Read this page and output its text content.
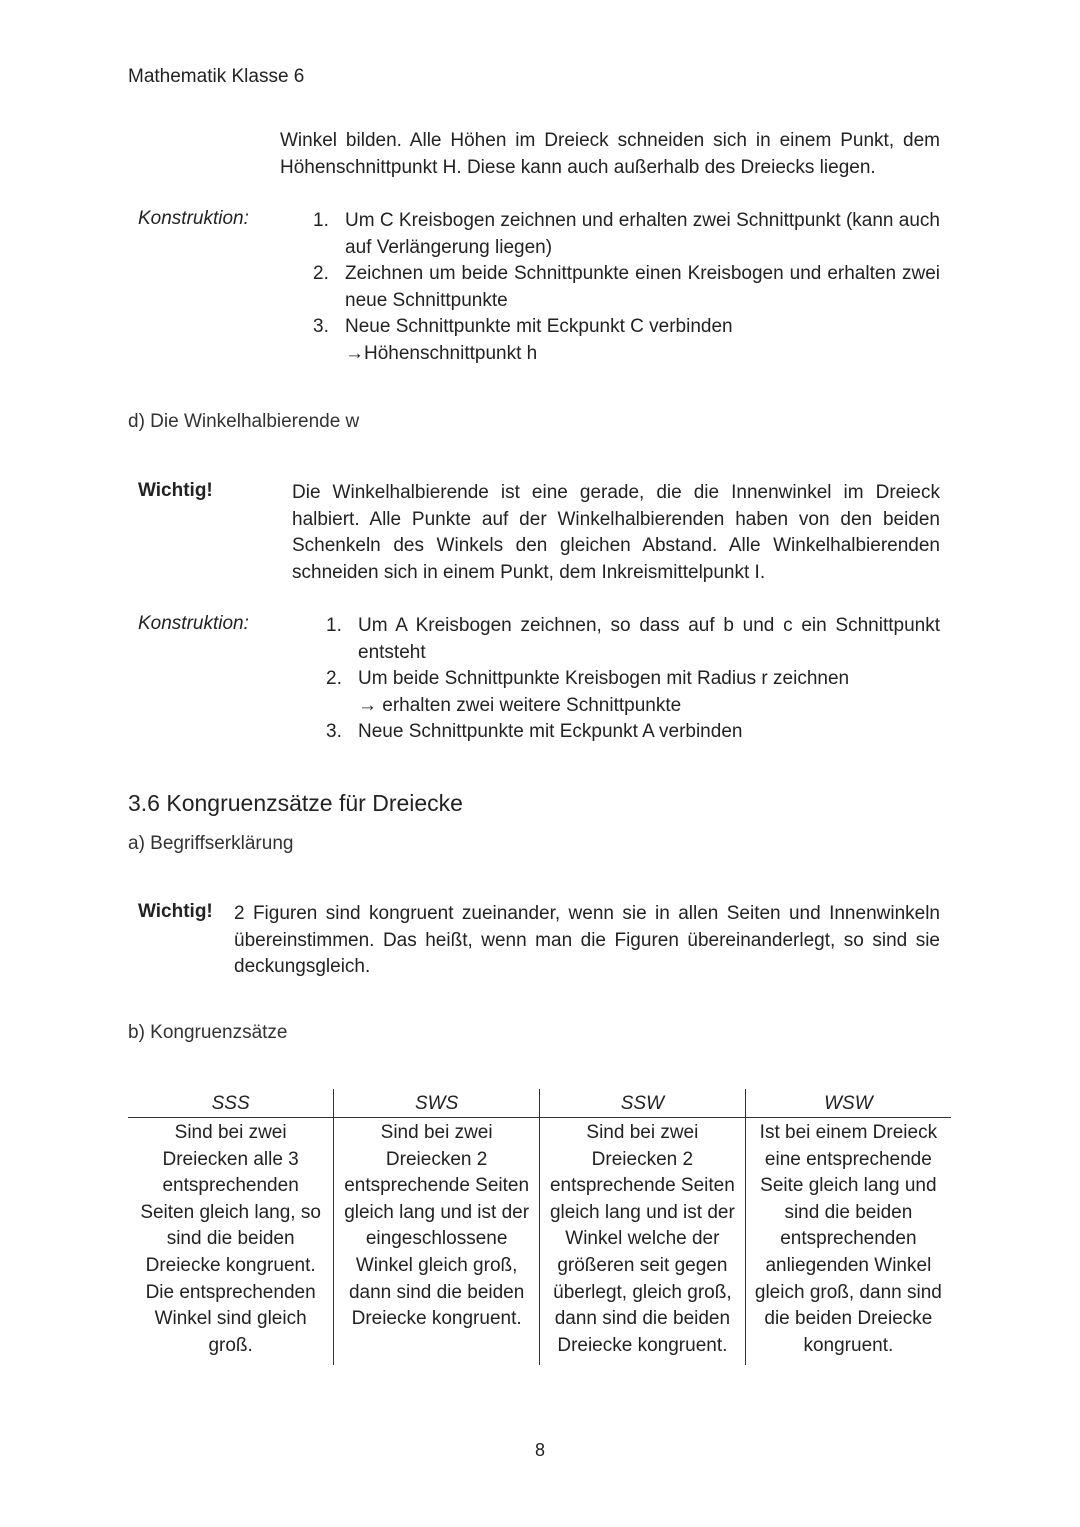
Mathematik Klasse 6
Winkel bilden. Alle Höhen im Dreieck schneiden sich in einem Punkt, dem Höhenschnittpunkt H. Diese kann auch außerhalb des Dreiecks liegen.
Konstruktion:	1. Um C Kreisbogen zeichnen und erhalten zwei Schnittpunkt (kann auch auf Verlängerung liegen)
2. Zeichnen um beide Schnittpunkte einen Kreisbogen und erhalten zwei neue Schnittpunkte
3. Neue Schnittpunkte mit Eckpunkt C verbinden
→Höhenschnittpunkt h
d) Die Winkelhalbierende w
Wichtig!	Die Winkelhalbierende ist eine gerade, die die Innenwinkel im Dreieck halbiert. Alle Punkte auf der Winkelhalbierenden haben von den beiden Schenkeln des Winkels den gleichen Abstand. Alle Winkelhalbierenden schneiden sich in einem Punkt, dem Inkreismittelpunkt I.
Konstruktion:	1. Um A Kreisbogen zeichnen, so dass auf b und c ein Schnittpunkt entsteht
2. Um beide Schnittpunkte Kreisbogen mit Radius r zeichnen
→ erhalten zwei weitere Schnittpunkte
3. Neue Schnittpunkte mit Eckpunkt A verbinden
3.6 Kongruenzsätze für Dreiecke
a) Begriffserklärung
Wichtig! 2 Figuren sind kongruent zueinander, wenn sie in allen Seiten und Innenwinkeln übereinstimmen. Das heißt, wenn man die Figuren übereinanderlegt, so sind sie deckungsgleich.
b) Kongruenzsätze
SSS	SWS	SSW	WSW
Sind bei zwei Dreiecken alle 3 entsprechenden Seiten gleich lang, so sind die beiden Dreiecke kongruent. Die entsprechenden Winkel sind gleich groß.	Sind bei zwei Dreiecken 2 entsprechende Seiten gleich lang und ist der eingeschlossene Winkel gleich groß, dann sind die beiden Dreiecke kongruent.	Sind bei zwei Dreiecken 2 entsprechende Seiten gleich lang und ist der Winkel welche der größeren seit gegen überlegt, gleich groß, dann sind die beiden Dreiecke kongruent.	Ist bei einem Dreieck eine entsprechende Seite gleich lang und sind die beiden entsprechenden anliegenden Winkel gleich groß, dann sind die beiden Dreiecke kongruent.
8
